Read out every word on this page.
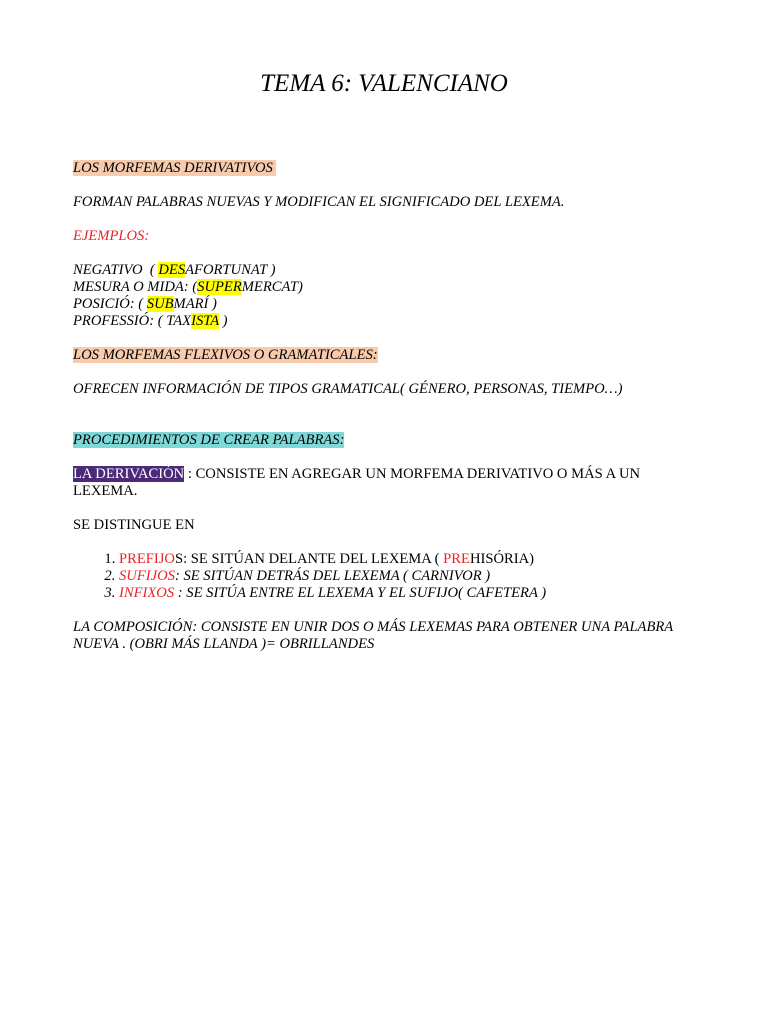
TEMA 6: VALENCIANO

LOS MORFEMAS DERIVATIVOS

FORMAN PALABRAS NUEVAS Y MODIFICAN EL SIGNIFICADO DEL LEXEMA.

EJEMPLOS:

NEGATIVO  ( DESAFORTUNAT )

MESURA O MIDA: (SUPERMERCAT)

POSICIÓ: ( SUBMARÍ )

PROFESSIÓ: ( TAXISTA )

LOS MORFEMAS FLEXIVOS O GRAMATICALES:

OFRECEN INFORMACIÓN DE TIPOS GRAMATICAL( GÉNERO, PERSONAS, TIEMPO…)

PROCEDIMIENTOS DE CREAR PALABRAS:

LA DERIVACIÓN : CONSISTE EN AGREGAR UN MORFEMA DERIVATIVO O MÁS A UN LEXEMA.

SE DISTINGUE EN

1. PREFIJOS: SE SITÚAN DELANTE DEL LEXEMA ( PREHISÓRIA)
2. SUFIJOS: SE SITÚAN DETRÁS DEL LEXEMA ( CARNIVOR )
3. INFIXOS : SE SITÚA ENTRE EL LEXEMA Y EL SUFIJO( CAFETERA )

LA COMPOSICIÓN: CONSISTE EN UNIR DOS O MÁS LEXEMAS PARA OBTENER UNA PALABRA NUEVA . (OBRI MÁS LLANDA )= OBRILLANDES
